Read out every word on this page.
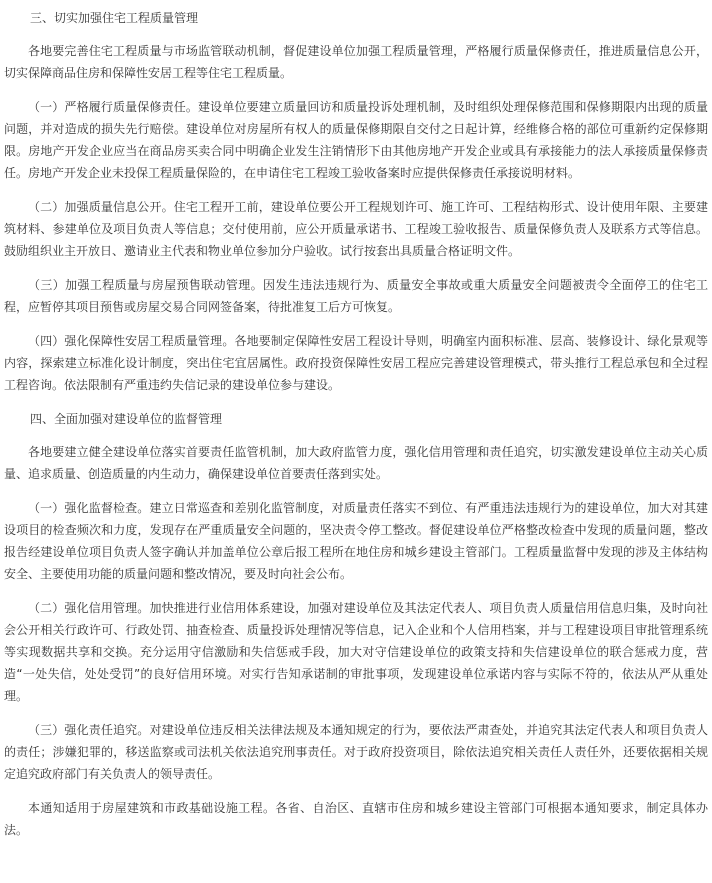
三、切实加强住宅工程质量管理

各地要完善住宅工程质量与市场监管联动机制，督促建设单位加强工程质量管理，严格履行质量保修责任，推进质量信息公开，切实保障商品住房和保障性安居工程等住宅工程质量。

（一）严格履行质量保修责任。建设单位要建立质量回访和质量投诉处理机制，及时组织处理保修范围和保修期限内出现的质量问题，并对造成的损失先行赔偿。建设单位对房屋所有权人的质量保修期限自交付之日起计算，经维修合格的部位可重新约定保修期限。房地产开发企业应当在商品房买卖合同中明确企业发生注销情形下由其他房地产开发企业或具有承接能力的法人承接质量保修责任。房地产开发企业未投保工程质量保险的，在申请住宅工程竣工验收备案时应提供保修责任承接说明材料。

（二）加强质量信息公开。住宅工程开工前，建设单位要公开工程规划许可、施工许可、工程结构形式、设计使用年限、主要建筑材料、参建单位及项目负责人等信息；交付使用前，应公开质量承诺书、工程竣工验收报告、质量保修负责人及联系方式等信息。鼓励组织业主开放日、邀请业主代表和物业单位参加分户验收。试行按套出具质量合格证明文件。

（三）加强工程质量与房屋预售联动管理。因发生违法违规行为、质量安全事故或重大质量安全问题被责令全面停工的住宅工程，应暂停其项目预售或房屋交易合同网签备案，待批准复工后方可恢复。

（四）强化保障性安居工程质量管理。各地要制定保障性安居工程设计导则，明确室内面积标准、层高、装修设计、绿化景观等内容，探索建立标准化设计制度，突出住宅宜居属性。政府投资保障性安居工程应完善建设管理模式，带头推行工程总承包和全过程工程咨询。依法限制有严重违约失信记录的建设单位参与建设。

四、全面加强对建设单位的监督管理

各地要建立健全建设单位落实首要责任监管机制，加大政府监管力度，强化信用管理和责任追究，切实激发建设单位主动关心质量、追求质量、创造质量的内生动力，确保建设单位首要责任落到实处。

（一）强化监督检查。建立日常巡查和差别化监管制度，对质量责任落实不到位、有严重违法违规行为的建设单位，加大对其建设项目的检查频次和力度，发现存在严重质量安全问题的，坚决责令停工整改。督促建设单位严格整改检查中发现的质量问题，整改报告经建设单位项目负责人签字确认并加盖单位公章后报工程所在地住房和城乡建设主管部门。工程质量监督中发现的涉及主体结构安全、主要使用功能的质量问题和整改情况，要及时向社会公布。

（二）强化信用管理。加快推进行业信用体系建设，加强对建设单位及其法定代表人、项目负责人质量信用信息归集，及时向社会公开相关行政许可、行政处罚、抽查检查、质量投诉处理情况等信息，记入企业和个人信用档案，并与工程建设项目审批管理系统等实现数据共享和交换。充分运用守信激励和失信惩戒手段，加大对守信建设单位的政策支持和失信建设单位的联合惩戒力度，营造“一处失信，处处受罚”的良好信用环境。对实行告知承诺制的审批事项，发现建设单位承诺内容与实际不符的，依法从严从重处理。

（三）强化责任追究。对建设单位违反相关法律法规及本通知规定的行为，要依法严肃查处，并追究其法定代表人和项目负责人的责任；涉嫌犯罪的，移送监察或司法机关依法追究刑事责任。对于政府投资项目，除依法追究相关责任人责任外，还要依据相关规定追究政府部门有关负责人的领导责任。

本通知适用于房屋建筑和市政基础设施工程。各省、自治区、直辖市住房和城乡建设主管部门可根据本通知要求，制定具体办法。
